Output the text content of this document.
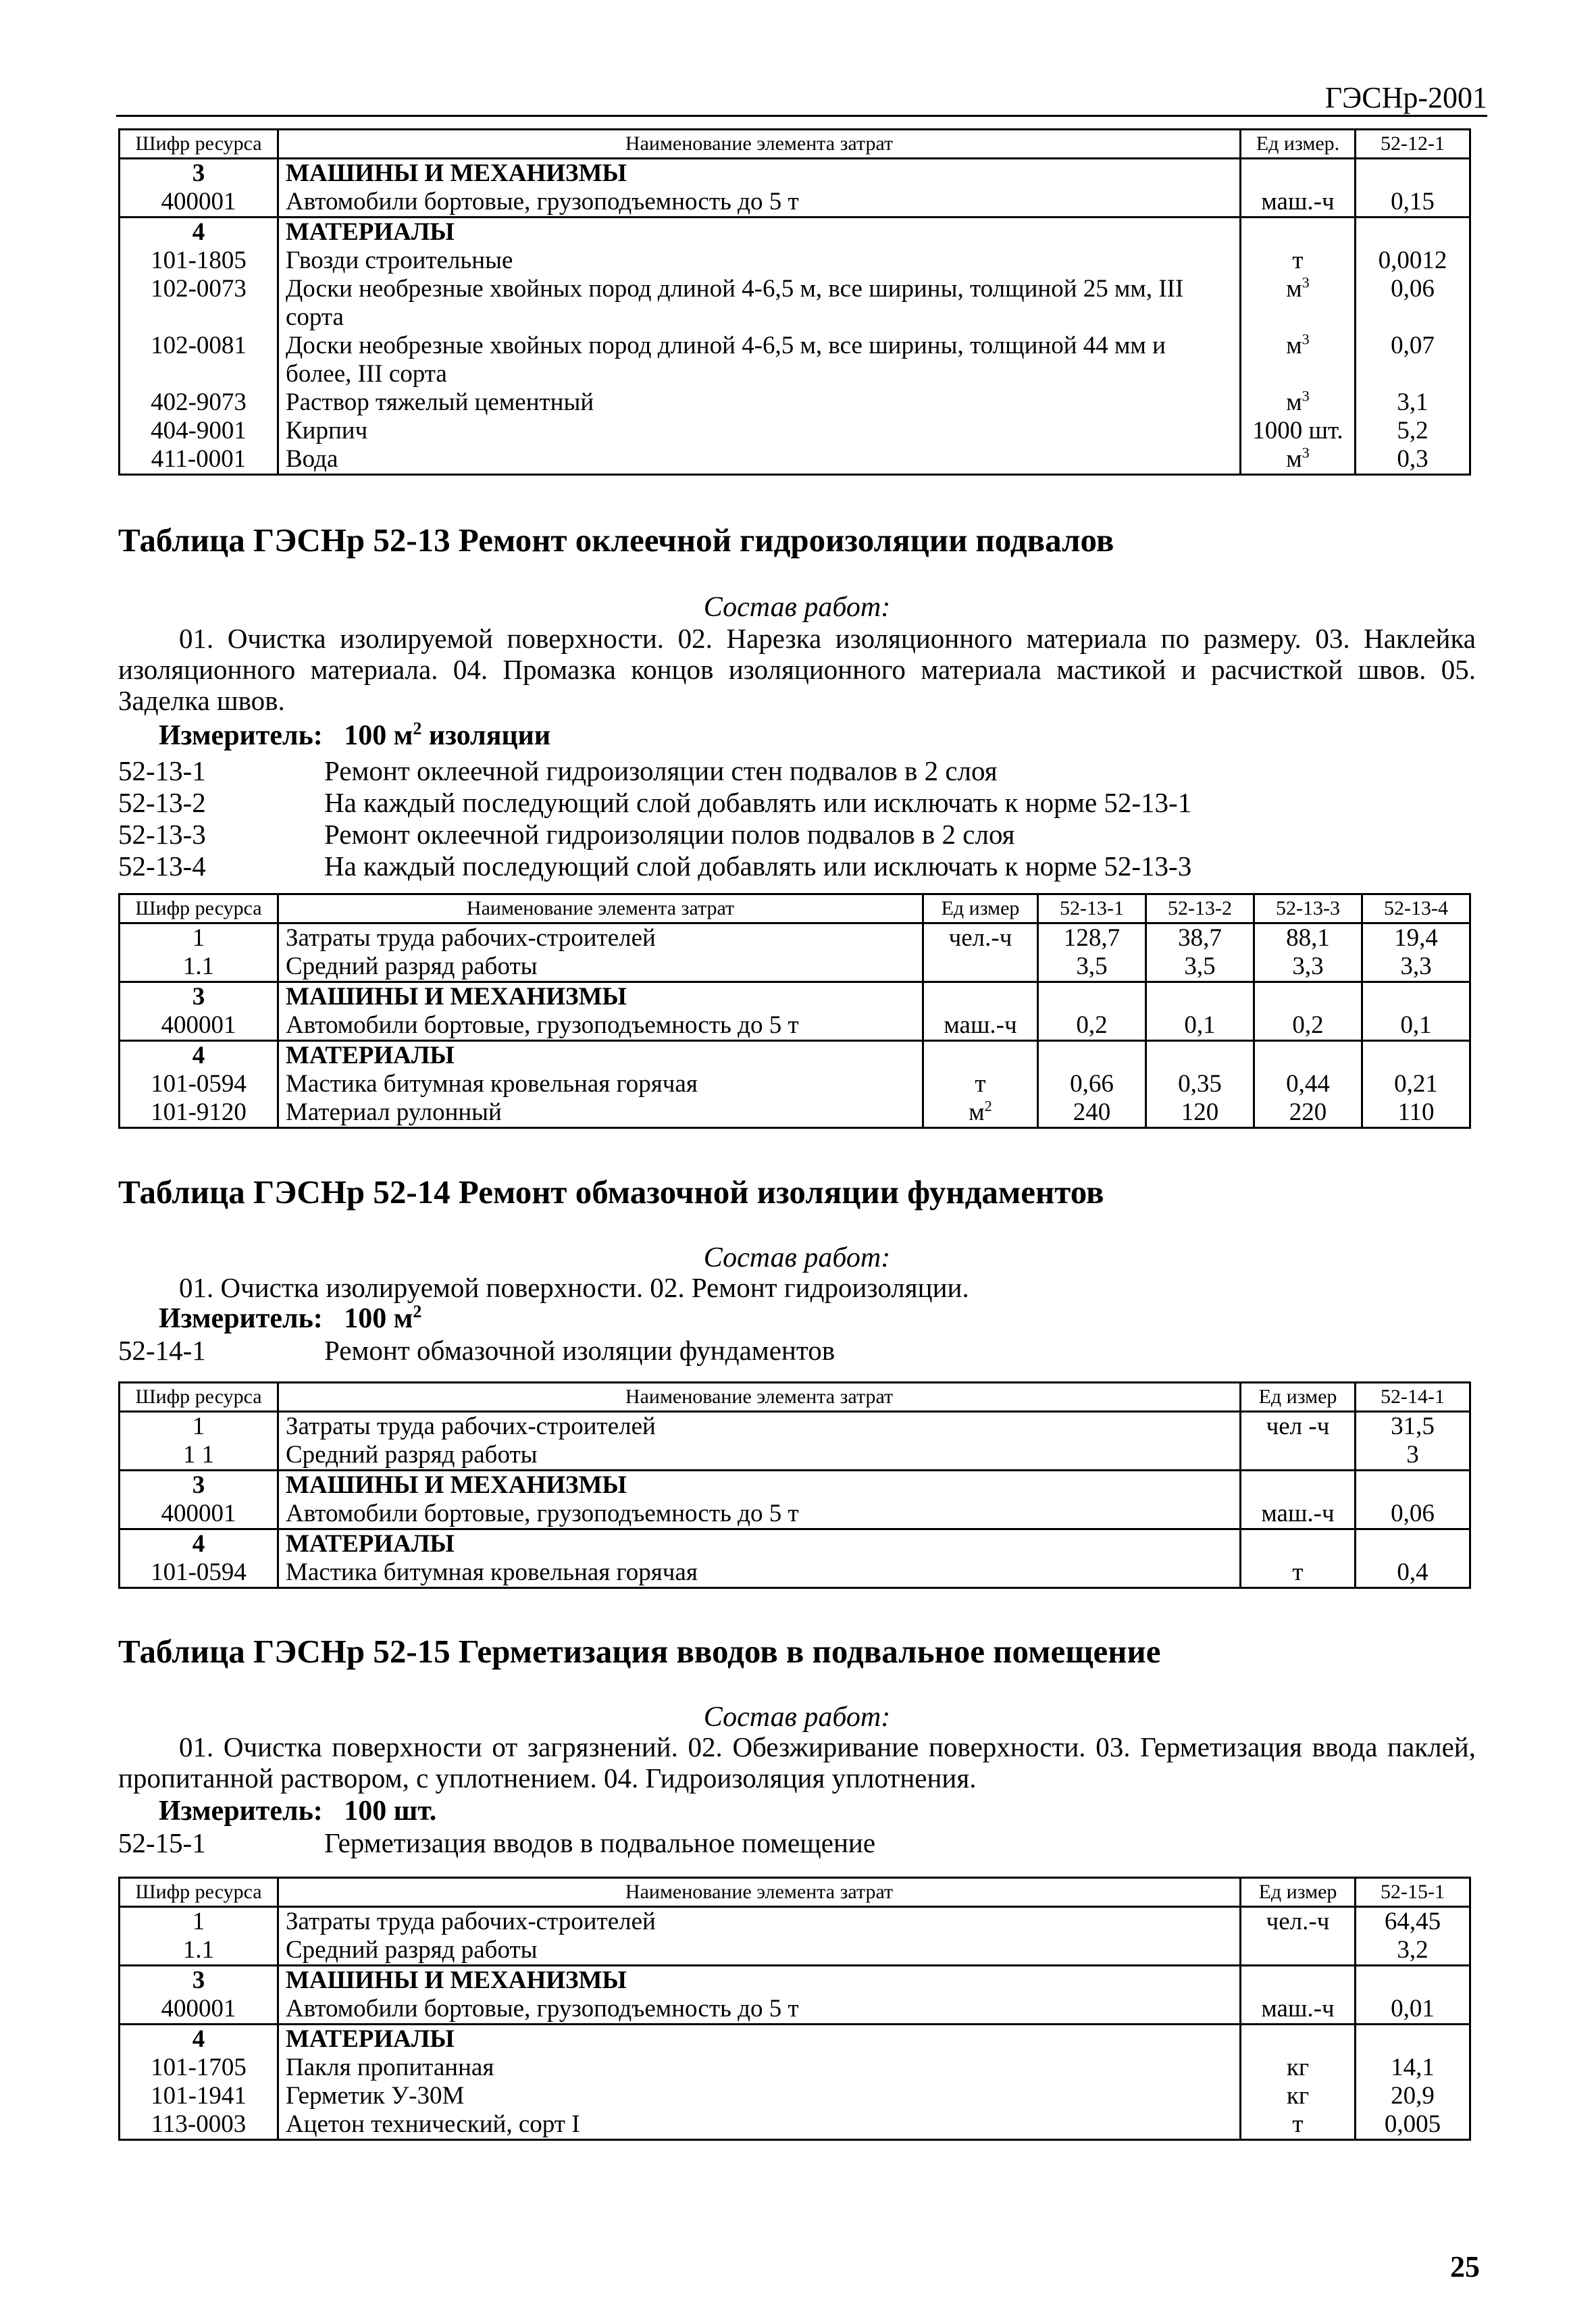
ГЭСНр-2001
Шифр ресурса	Наименование элемента затрат	Ед измер.	52-12-1
3	МАШИНЫ И МЕХАНИЗМЫ		
400001	Автомобили бортовые, грузоподъемность до 5 т	маш.-ч	0,15
4	МАТЕРИАЛЫ		
101-1805	Гвозди строительные	т	0,0012
102-0073	Доски необрезные хвойных пород длиной 4-6,5 м, все ширины, толщиной 25 мм, III сорта	$м^3$	0,06
102-0081	Доски необрезные хвойных пород длиной 4-6,5 м, все ширины, толщиной 44 мм и более, III сорта	$м^3$	0,07
402-9073	Раствор тяжелый цементный	$м^3$	3,1
404-9001	Кирпич	1000 шт.	5,2
411-0001	Вода	$м^3$	0,3
Таблица ГЭСНр 52-13 Ремонт оклеечной гидроизоляции подвалов
Состав работ:
01. Очистка изолируемой поверхности. 02. Нарезка изоляционного материала по размеру. 03. Наклейка изоляционного материала. 04. Промазка концов изоляционного материала мастикой и расчисткой швов. 05. Заделка швов.
Измеритель: 100 $м^2$ изоляции
52-13-1	Ремонт оклеечной гидроизоляции стен подвалов в 2 слоя
52-13-2	На каждый последующий слой добавлять или исключать к норме 52-13-1
52-13-3	Ремонт оклеечной гидроизоляции полов подвалов в 2 слоя
52-13-4	На каждый последующий слой добавлять или исключать к норме 52-13-3
Шифр ресурса	Наименование элемента затрат	Ед измер	52-13-1	52-13-2	52-13-3	52-13-4
1	Затраты труда рабочих-строителей	чел.-ч	128,7	38,7	88,1	19,4
1.1	Средний разряд работы		3,5	3,5	3,3	3,3
3	МАШИНЫ И МЕХАНИЗМЫ					
400001	Автомобили бортовые, грузоподъемность до 5 т	маш.-ч	0,2	0,1	0,2	0,1
4	МАТЕРИАЛЫ					
101-0594	Мастика битумная кровельная горячая	т	0,66	0,35	0,44	0,21
101-9120	Материал рулонный	$м^2$	240	120	220	110
Таблица ГЭСНр 52-14 Ремонт обмазочной изоляции фундаментов
Состав работ:
01. Очистка изолируемой поверхности. 02. Ремонт гидроизоляции.
Измеритель: 100 $м^2$
52-14-1	Ремонт обмазочной изоляции фундаментов
Шифр ресурса	Наименование элемента затрат	Ед измер	52-14-1
1	Затраты труда рабочих-строителей	чел -ч	31,5
1 1	Средний разряд работы		3
3	МАШИНЫ И МЕХАНИЗМЫ		
400001	Автомобили бортовые, грузоподъемность до 5 т	маш.-ч	0,06
4	МАТЕРИАЛЫ		
101-0594	Мастика битумная кровельная горячая	т	0,4
Таблица ГЭСНр 52-15 Герметизация вводов в подвальное помещение
Состав работ:
01. Очистка поверхности от загрязнений. 02. Обезжиривание поверхности. 03. Герметизация ввода паклей, пропитанной раствором, с уплотнением. 04. Гидроизоляция уплотнения.
Измеритель: 100 шт.
52-15-1	Герметизация вводов в подвальное помещение
Шифр ресурса	Наименование элемента затрат	Ед измер	52-15-1
1	Затраты труда рабочих-строителей	чел.-ч	64,45
1.1	Средний разряд работы		3,2
3	МАШИНЫ И МЕХАНИЗМЫ		
400001	Автомобили бортовые, грузоподъемность до 5 т	маш.-ч	0,01
4	МАТЕРИАЛЫ		
101-1705	Пакля пропитанная	кг	14,1
101-1941	Герметик У-30М	кг	20,9
113-0003	Ацетон технический, сорт I	т	0,005
25
